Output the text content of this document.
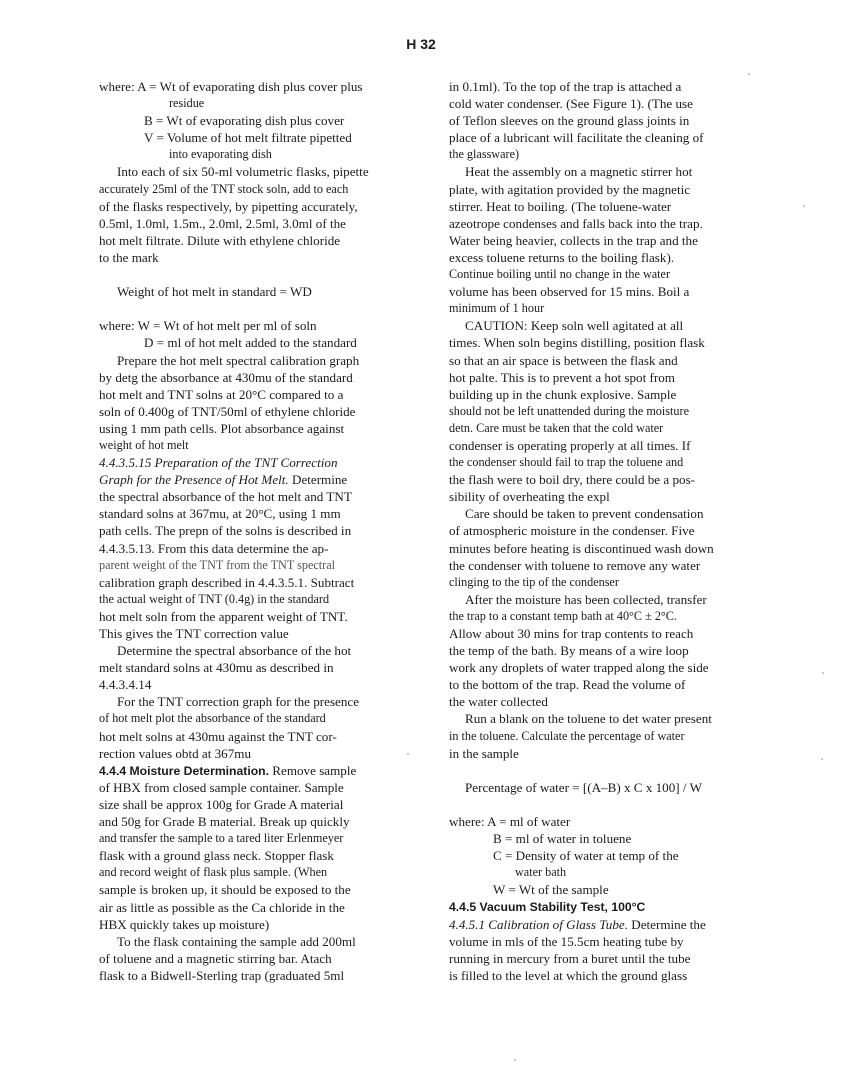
H 32
where: A = Wt of evaporating dish plus cover plus
residue
B = Wt of evaporating dish plus cover
V = Volume of hot melt filtrate pipetted
into evaporating dish
Into each of six 50-ml volumetric flasks, pipette
accurately 25ml of the TNT stock soln, add to each
of the flasks respectively, by pipetting accurately,
0.5ml, 1.0ml, 1.5m., 2.0ml, 2.5ml, 3.0ml of the
hot melt filtrate. Dilute with ethylene chloride
to the mark
Weight of hot melt in standard = WD
where: W = Wt of hot melt per ml of soln
D = ml of hot melt added to the standard
Prepare the hot melt spectral calibration graph
by detg the absorbance at 430mu of the standard
hot melt and TNT solns at 20°C compared to a
soln of 0.400g of TNT/50ml of ethylene chloride
using 1 mm path cells. Plot absorbance against
weight of hot melt
4.4.3.5.15 Preparation of the TNT Correction
Graph for the Presence of Hot Melt. Determine
the spectral absorbance of the hot melt and TNT
standard solns at 367mu, at 20°C, using 1 mm
path cells. The prepn of the solns is described in
4.4.3.5.13. From this data determine the ap-
parent weight of the TNT from the TNT spectral
calibration graph described in 4.4.3.5.1. Subtract
the actual weight of TNT (0.4g) in the standard
hot melt soln from the apparent weight of TNT.
This gives the TNT correction value
Determine the spectral absorbance of the hot
melt standard solns at 430mu as described in
4.4.3.4.14
For the TNT correction graph for the presence
of hot melt plot the absorbance of the standard
hot melt solns at 430mu against the TNT cor-
rection values obtd at 367mu
4.4.4 Moisture Determination. Remove sample
of HBX from closed sample container. Sample
size shall be approx 100g for Grade A material
and 50g for Grade B material. Break up quickly
and transfer the sample to a tared liter Erlenmeyer
flask with a ground glass neck. Stopper flask
and record weight of flask plus sample. (When
sample is broken up, it should be exposed to the
air as little as possible as the Ca chloride in the
HBX quickly takes up moisture)
To the flask containing the sample add 200ml
of toluene and a magnetic stirring bar. Atach
flask to a Bidwell-Sterling trap (graduated 5ml
in 0.1ml). To the top of the trap is attached a
cold water condenser. (See Figure 1). (The use
of Teflon sleeves on the ground glass joints in
place of a lubricant will facilitate the cleaning of
the glassware)
Heat the assembly on a magnetic stirrer hot
plate, with agitation provided by the magnetic
stirrer. Heat to boiling. (The toluene-water
azeotrope condenses and falls back into the trap.
Water being heavier, collects in the trap and the
excess toluene returns to the boiling flask).
Continue boiling until no change in the water
volume has been observed for 15 mins. Boil a
minimum of 1 hour
CAUTION: Keep soln well agitated at all
times. When soln begins distilling, position flask
so that an air space is between the flask and
hot palte. This is to prevent a hot spot from
building up in the chunk explosive. Sample
should not be left unattended during the moisture
detn. Care must be taken that the cold water
condenser is operating properly at all times. If
the condenser should fail to trap the toluene and
the flash were to boil dry, there could be a pos-
sibility of overheating the expl
Care should be taken to prevent condensation
of atmospheric moisture in the condenser. Five
minutes before heating is discontinued wash down
the condenser with toluene to remove any water
clinging to the tip of the condenser
After the moisture has been collected, transfer
the trap to a constant temp bath at 40°C ± 2°C.
Allow about 30 mins for trap contents to reach
the temp of the bath. By means of a wire loop
work any droplets of water trapped along the side
to the bottom of the trap. Read the volume of
the water collected
Run a blank on the toluene to det water present
in the toluene. Calculate the percentage of water
in the sample
Percentage of water = [(A–B) x C x 100] / W
where: A = ml of water
B = ml of water in toluene
C = Density of water at temp of the
water bath
W = Wt of the sample
4.4.5 Vacuum Stability Test, 100°C
4.4.5.1 Calibration of Glass Tube. Determine the
volume in mls of the 15.5cm heating tube by
running in mercury from a buret until the tube
is filled to the level at which the ground glass
